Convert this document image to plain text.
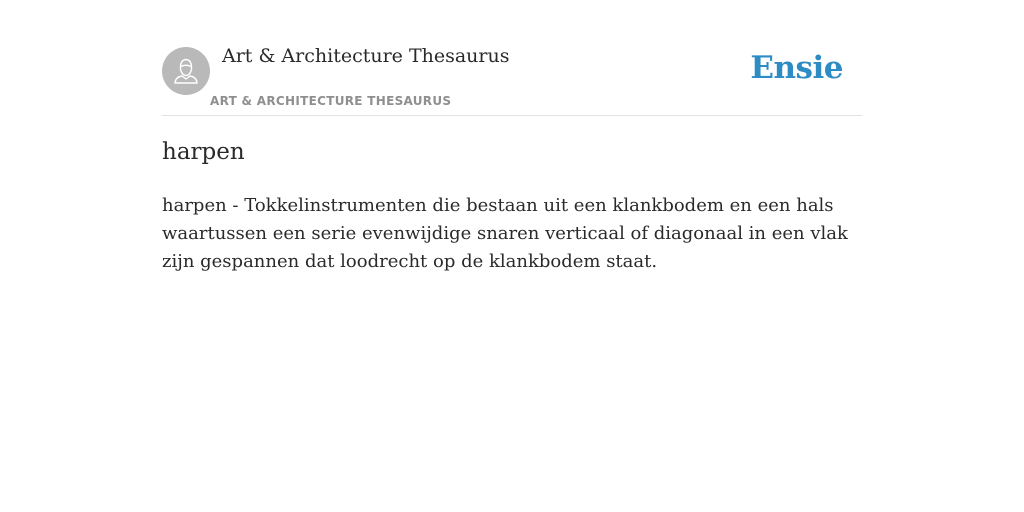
Art & Architecture Thesaurus
ART & ARCHITECTURE THESAURUS
Ensie
harpen

harpen - Tokkelinstrumenten die bestaan uit een klankbodem en een hals waartussen een serie evenwijdige snaren verticaal of diagonaal in een vlak zijn gespannen dat loodrecht op de klankbodem staat.
